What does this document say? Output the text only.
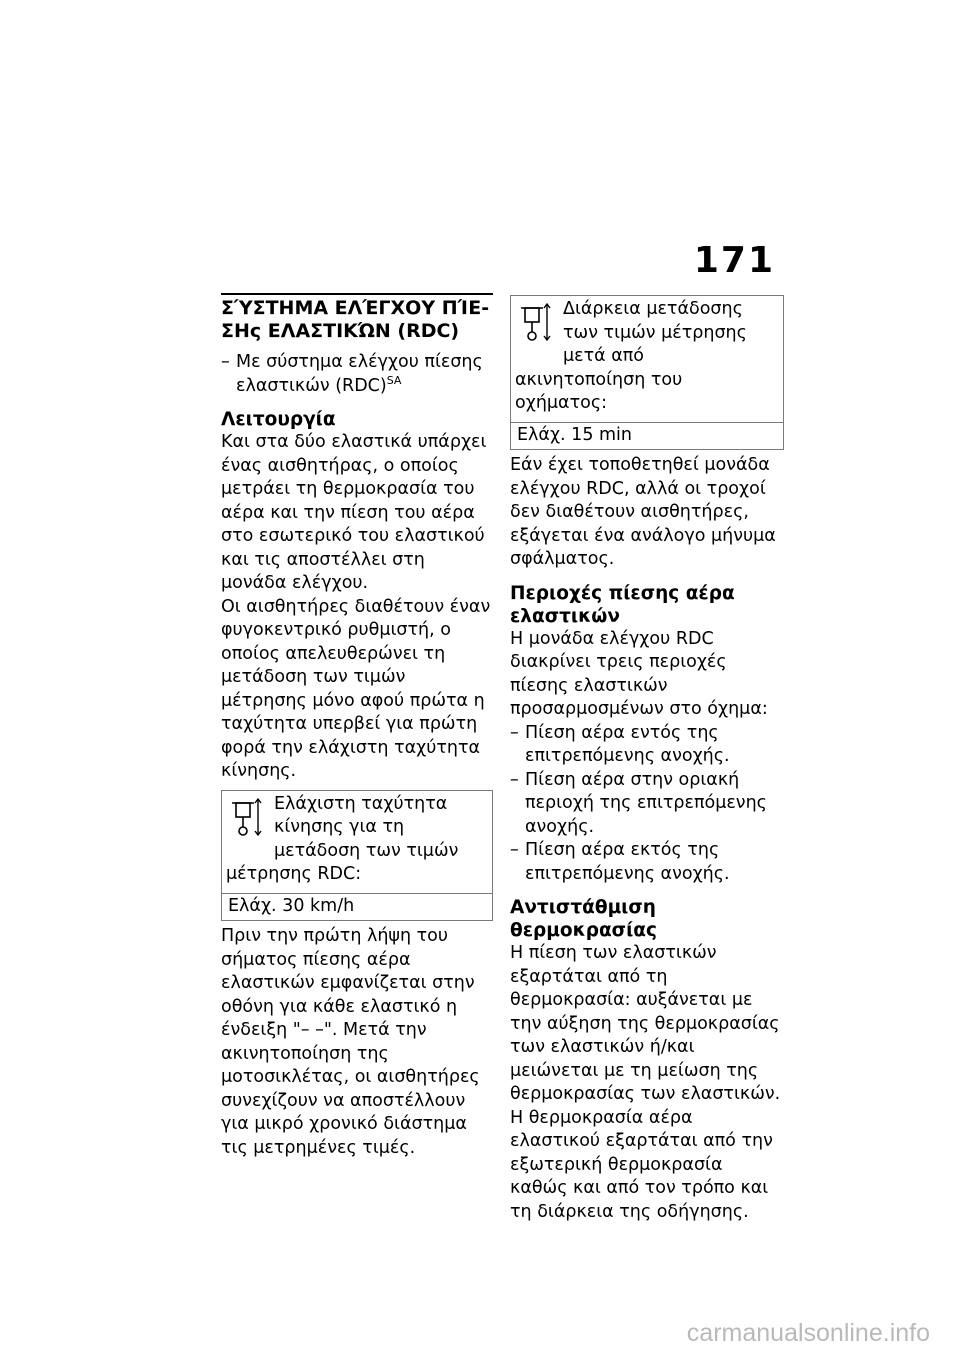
171
ΣΎΣΤΗΜΑ ΕΛΈΓΧΟΥ ΠΊΕ-
ΣΗς ΕΛΑΣΤΙΚΏΝ (RDC)

– Με σύστημα ελέγχου πίεσης ελαστικών (RDC)$^{SA}$

Λειτουργία

Και στα δύο ελαστικά υπάρχει ένας αισθητήρας, ο οποίος μετράει τη θερμοκρασία του αέρα και την πίεση του αέρα στο εσωτερικό του ελαστικού και τις αποστέλλει στη μονάδα ελέγχου.

Οι αισθητήρες διαθέτουν έναν φυγοκεντρικό ρυθμιστή, ο οποίος απελευθερώνει τη μετάδοση των τιμών μέτρησης μόνο αφού πρώτα η ταχύτητα υπερβεί για πρώτη φορά την ελάχιστη ταχύτητα κίνησης.

Ελάχιστη ταχύτητα κίνησης για τη μετάδοση των τιμών μέτρησης RDC:
Ελάχ. 30 km/h

Πριν την πρώτη λήψη του σήματος πίεσης αέρα ελαστικών εμφανίζεται στην οθόνη για κάθε ελαστικό η ένδειξη "– –". Μετά την ακινητοποίηση της μοτοσικλέτας, οι αισθητήρες συνεχίζουν να αποστέλλουν για μικρό χρονικό διάστημα τις μετρημένες τιμές.

Διάρκεια μετάδοσης των τιμών μέτρησης μετά από ακινητοποίηση του οχήματος:
Ελάχ. 15 min

Εάν έχει τοποθετηθεί μονάδα ελέγχου RDC, αλλά οι τροχοί δεν διαθέτουν αισθητήρες, εξάγεται ένα ανάλογο μήνυμα σφάλματος.

Περιοχές πίεσης αέρα ελαστικών

Η μονάδα ελέγχου RDC διακρίνει τρεις περιοχές πίεσης ελαστικών προσαρμοσμένων στο όχημα:

– Πίεση αέρα εντός της επιτρεπόμενης ανοχής.

– Πίεση αέρα στην οριακή περιοχή της επιτρεπόμενης ανοχής.

– Πίεση αέρα εκτός της επιτρεπόμενης ανοχής.

Αντιστάθμιση θερμοκρασίας

Η πίεση των ελαστικών εξαρτάται από τη θερμοκρασία: αυξάνεται με την αύξηση της θερμοκρασίας των ελαστικών ή/και μειώνεται με τη μείωση της θερμοκρασίας των ελαστικών. Η θερμοκρασία αέρα ελαστικού εξαρτάται από την εξωτερική θερμοκρασία καθώς και από τον τρόπο και τη διάρκεια της οδήγησης.

carmanualsonline.info
